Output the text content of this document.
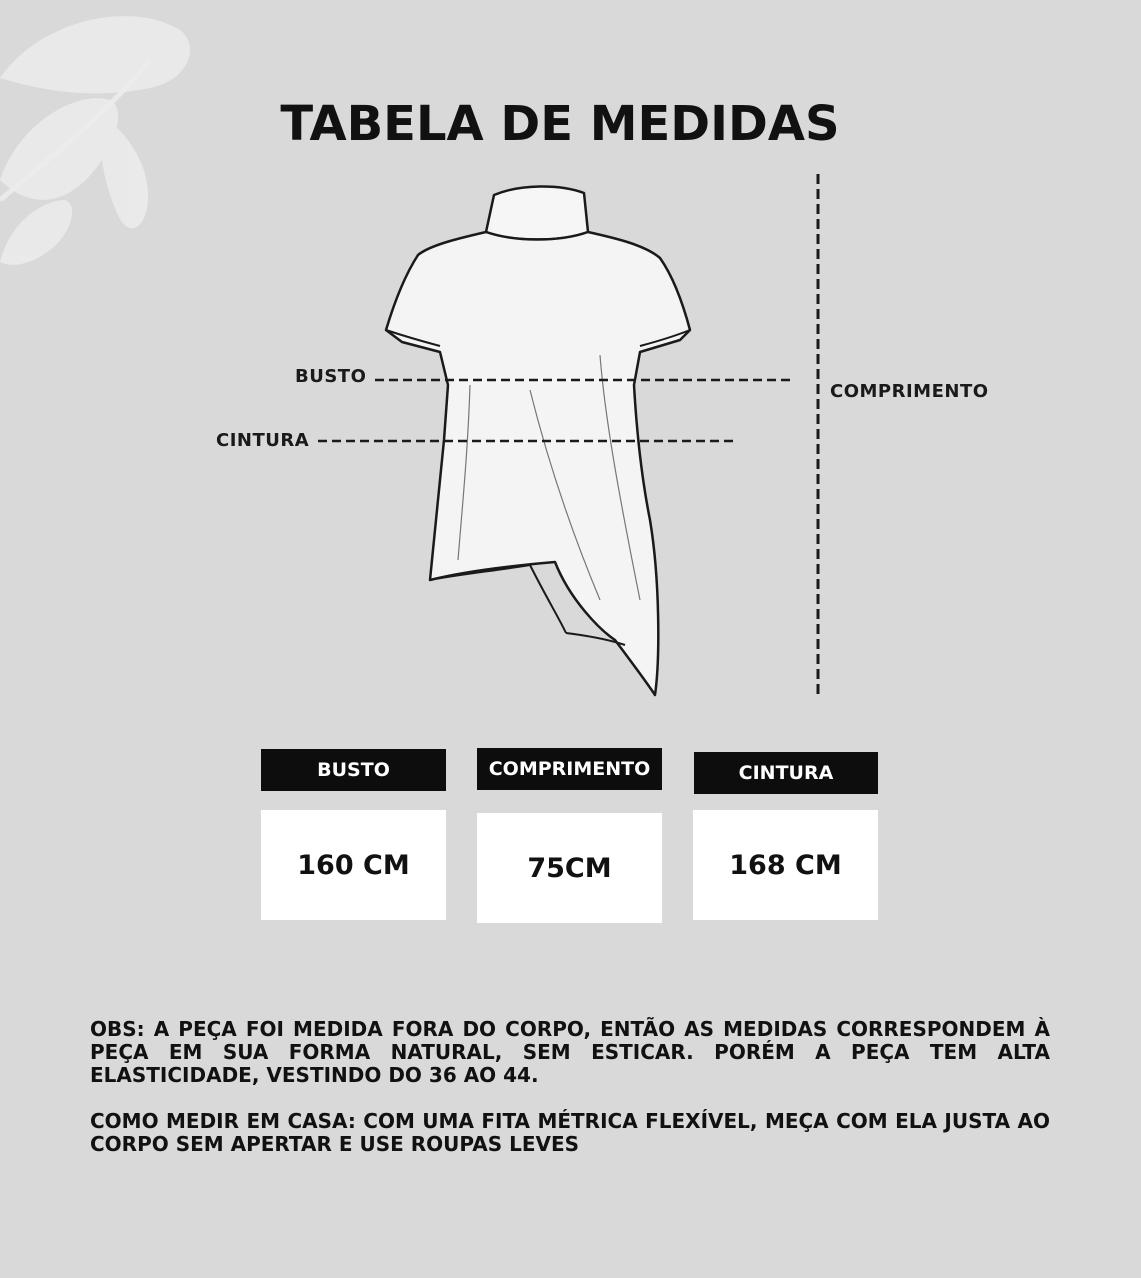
TABELA DE MEDIDAS
BUSTO
CINTURA
COMPRIMENTO
BUSTO	COMPRIMENTO	CINTURA
160 CM	75CM	168 CM

OBS: A PEÇA FOI MEDIDA FORA DO CORPO, ENTÃO AS MEDIDAS CORRESPONDEM À PEÇA EM SUA FORMA NATURAL, SEM ESTICAR. PORÉM A PEÇA TEM ALTA ELASTICIDADE, VESTINDO DO 36 AO 44.

COMO MEDIR EM CASA: COM UMA FITA MÉTRICA FLEXÍVEL, MEÇA COM ELA JUSTA AO CORPO SEM APERTAR E USE ROUPAS LEVES
